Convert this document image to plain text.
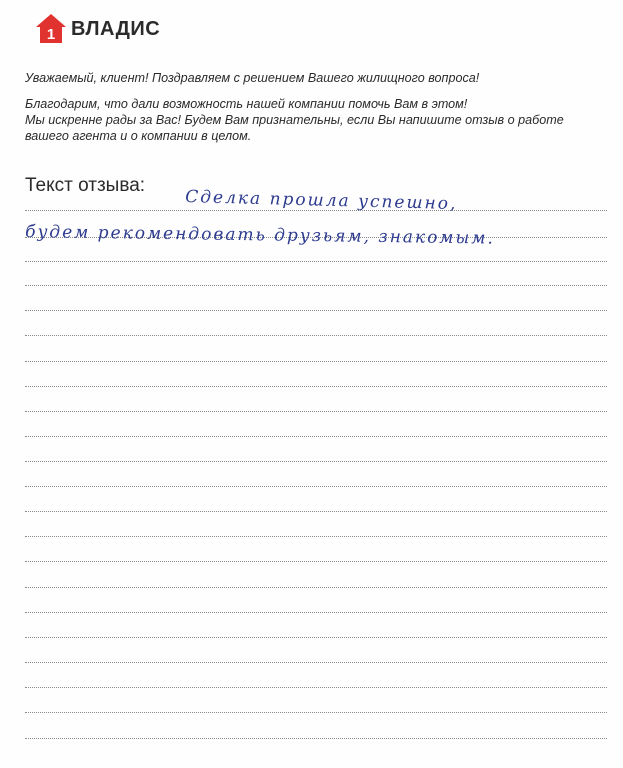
1 ВЛАДИС

Уважаемый, клиент! Поздравляем с решением Вашего жилищного вопроса!

Благодарим, что дали возможность нашей компании помочь Вам в этом!

Мы искренне рады за Вас! Будем Вам признательны, если Вы напишите отзыв о работе

вашего агента и о компании в целом.

Текст отзыва:
Сделка прошла успешно,
будем рекомендовать друзьям, знакомым.
